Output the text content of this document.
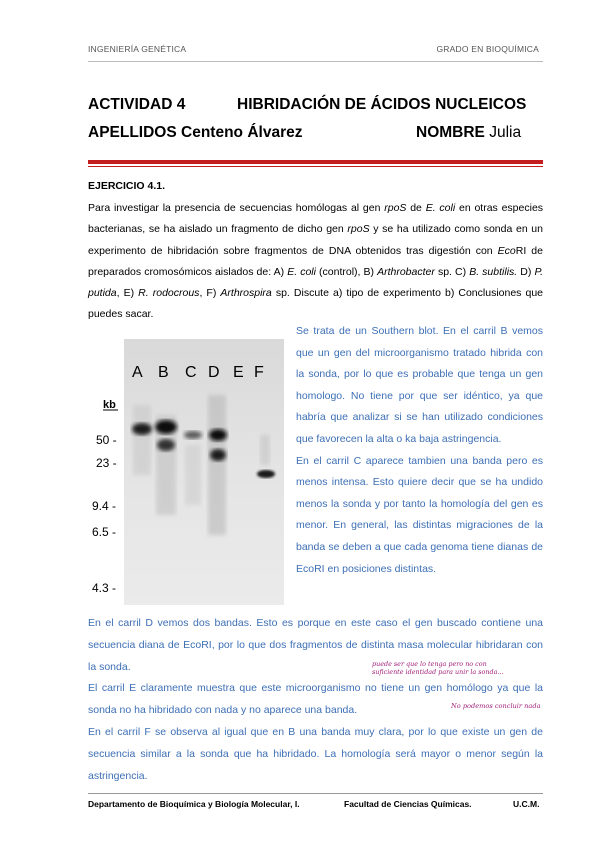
INGENIERÍA GENÉTICA	GRADO EN BIOQUÍMICA
ACTIVIDAD 4	HIBRIDACIÓN DE ÁCIDOS NUCLEICOS
APELLIDOS Centeno Álvarez	NOMBRE Julia
EJERCICIO 4.1.
Para investigar la presencia de secuencias homólogas al gen rpoS de E. coli en otras especies bacterianas, se ha aislado un fragmento de dicho gen rpoS y se ha utilizado como sonda en un experimento de hibridación sobre fragmentos de DNA obtenidos tras digestión con EcoRI de preparados cromosómicos aislados de: A) E. coli (control), B) Arthrobacter sp. C) B. subtilis. D) P. putida, E) R. rodocrous, F) Arthrospira sp. Discute a) tipo de experimento b) Conclusiones que puedes sacar.
A B C D E F
kb
50 -
23 -
9.4 -
6.5 -
4.3 -

Se trata de un Southern blot. En el carril B vemos que un gen del microorganismo tratado hibrida con la sonda, por lo que es probable que tenga un gen homologo. No tiene por que ser idéntico, ya que habría que analizar si se han utilizado condiciones que favorecen la alta o ka baja astringencia.

En el carril C aparece tambien una banda pero es menos intensa. Esto quiere decir que se ha undido menos la sonda y por tanto la homología del gen es menor. En general, las distintas migraciones de la banda se deben a que cada genoma tiene dianas de EcoRI en posiciones distintas.

En el carril D vemos dos bandas. Esto es porque en este caso el gen buscado contiene una secuencia diana de EcoRI, por lo que dos fragmentos de distinta masa molecular hibridaran con la sonda.

El carril E claramente muestra que este microorganismo no tiene un gen homólogo ya que la sonda no ha hibridado con nada y no aparece una banda.

En el carril F se observa al igual que en B una banda muy clara, por lo que existe un gen de secuencia similar a la sonda que ha hibridado. La homología será mayor o menor según la astringencia.

puede ser que lo tenga pero no con
suficiente identidad para unir la sonda...
No podemos concluir nada
Departamento de Bioquímica y Biología Molecular, I.	Facultad de Ciencias Químicas.	U.C.M.
